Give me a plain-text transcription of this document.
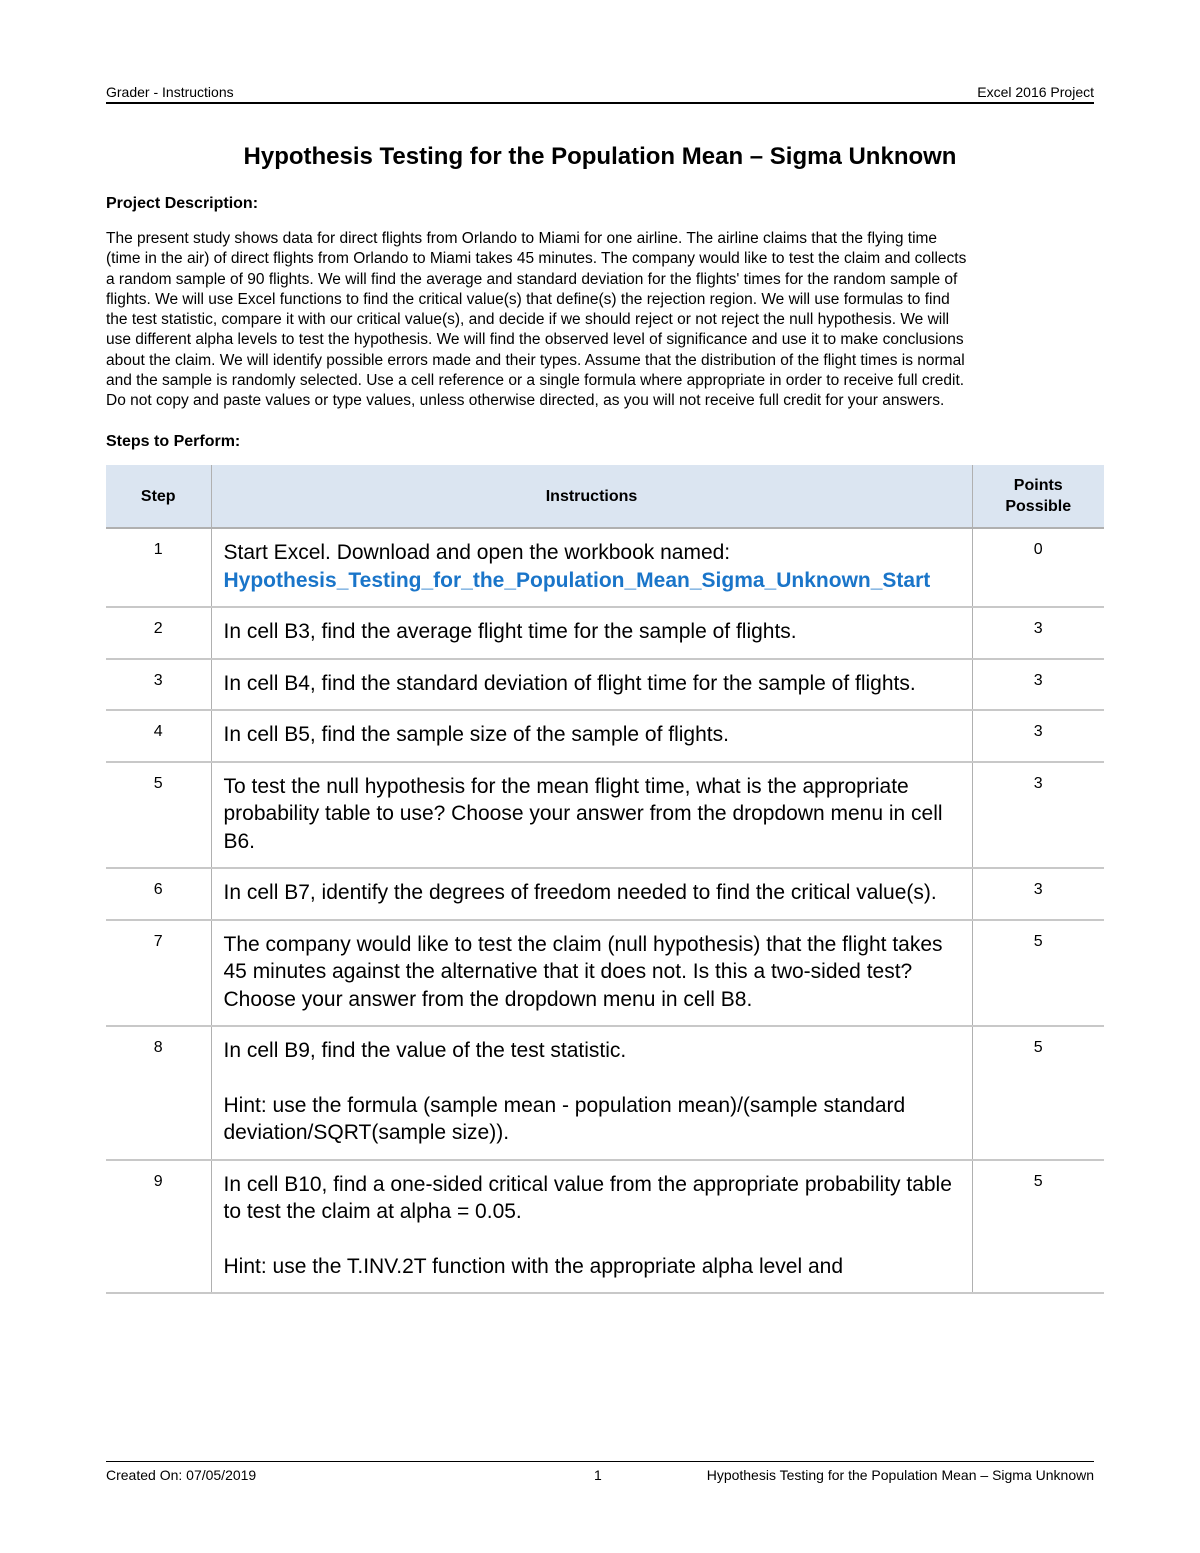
Grader - Instructions	Excel 2016 Project
Hypothesis Testing for the Population Mean – Sigma Unknown
Project Description:
The present study shows data for direct flights from Orlando to Miami for one airline. The airline claims that the flying time
(time in the air) of direct flights from Orlando to Miami takes 45 minutes. The company would like to test the claim and collects
a random sample of 90 flights. We will find the average and standard deviation for the flights' times for the random sample of
flights. We will use Excel functions to find the critical value(s) that define(s) the rejection region. We will use formulas to find
the test statistic, compare it with our critical value(s), and decide if we should reject or not reject the null hypothesis. We will
use different alpha levels to test the hypothesis. We will find the observed level of significance and use it to make conclusions
about the claim. We will identify possible errors made and their types. Assume that the distribution of the flight times is normal
and the sample is randomly selected. Use a cell reference or a single formula where appropriate in order to receive full credit.
Do not copy and paste values or type values, unless otherwise directed, as you will not receive full credit for your answers.
Steps to Perform:
Step	Instructions	Points
Possible

1	Start Excel. Download and open the workbook named:
Hypothesis_Testing_for_the_Population_Mean_Sigma_Unknown_Start	0
2	In cell B3, find the average flight time for the sample of flights.	3
3	In cell B4, find the standard deviation of flight time for the sample of flights.	3
4	In cell B5, find the sample size of the sample of flights.	3
5	To test the null hypothesis for the mean flight time, what is the appropriate probability table to use? Choose your answer from the dropdown menu in cell B6.	3
6	In cell B7, identify the degrees of freedom needed to find the critical value(s).	3
7	The company would like to test the claim (null hypothesis) that the flight takes 45 minutes against the alternative that it does not. Is this a two-sided test? Choose your answer from the dropdown menu in cell B8.	5
8	In cell B9, find the value of the test statistic.
Hint: use the formula (sample mean - population mean)/(sample standard deviation/SQRT(sample size)).	5
9	In cell B10, find a one-sided critical value from the appropriate probability table to test the claim at alpha = 0.05.
Hint: use the T.INV.2T function with the appropriate alpha level and	5
Created On: 07/05/2019	1	Hypothesis Testing for the Population Mean – Sigma Unknown
